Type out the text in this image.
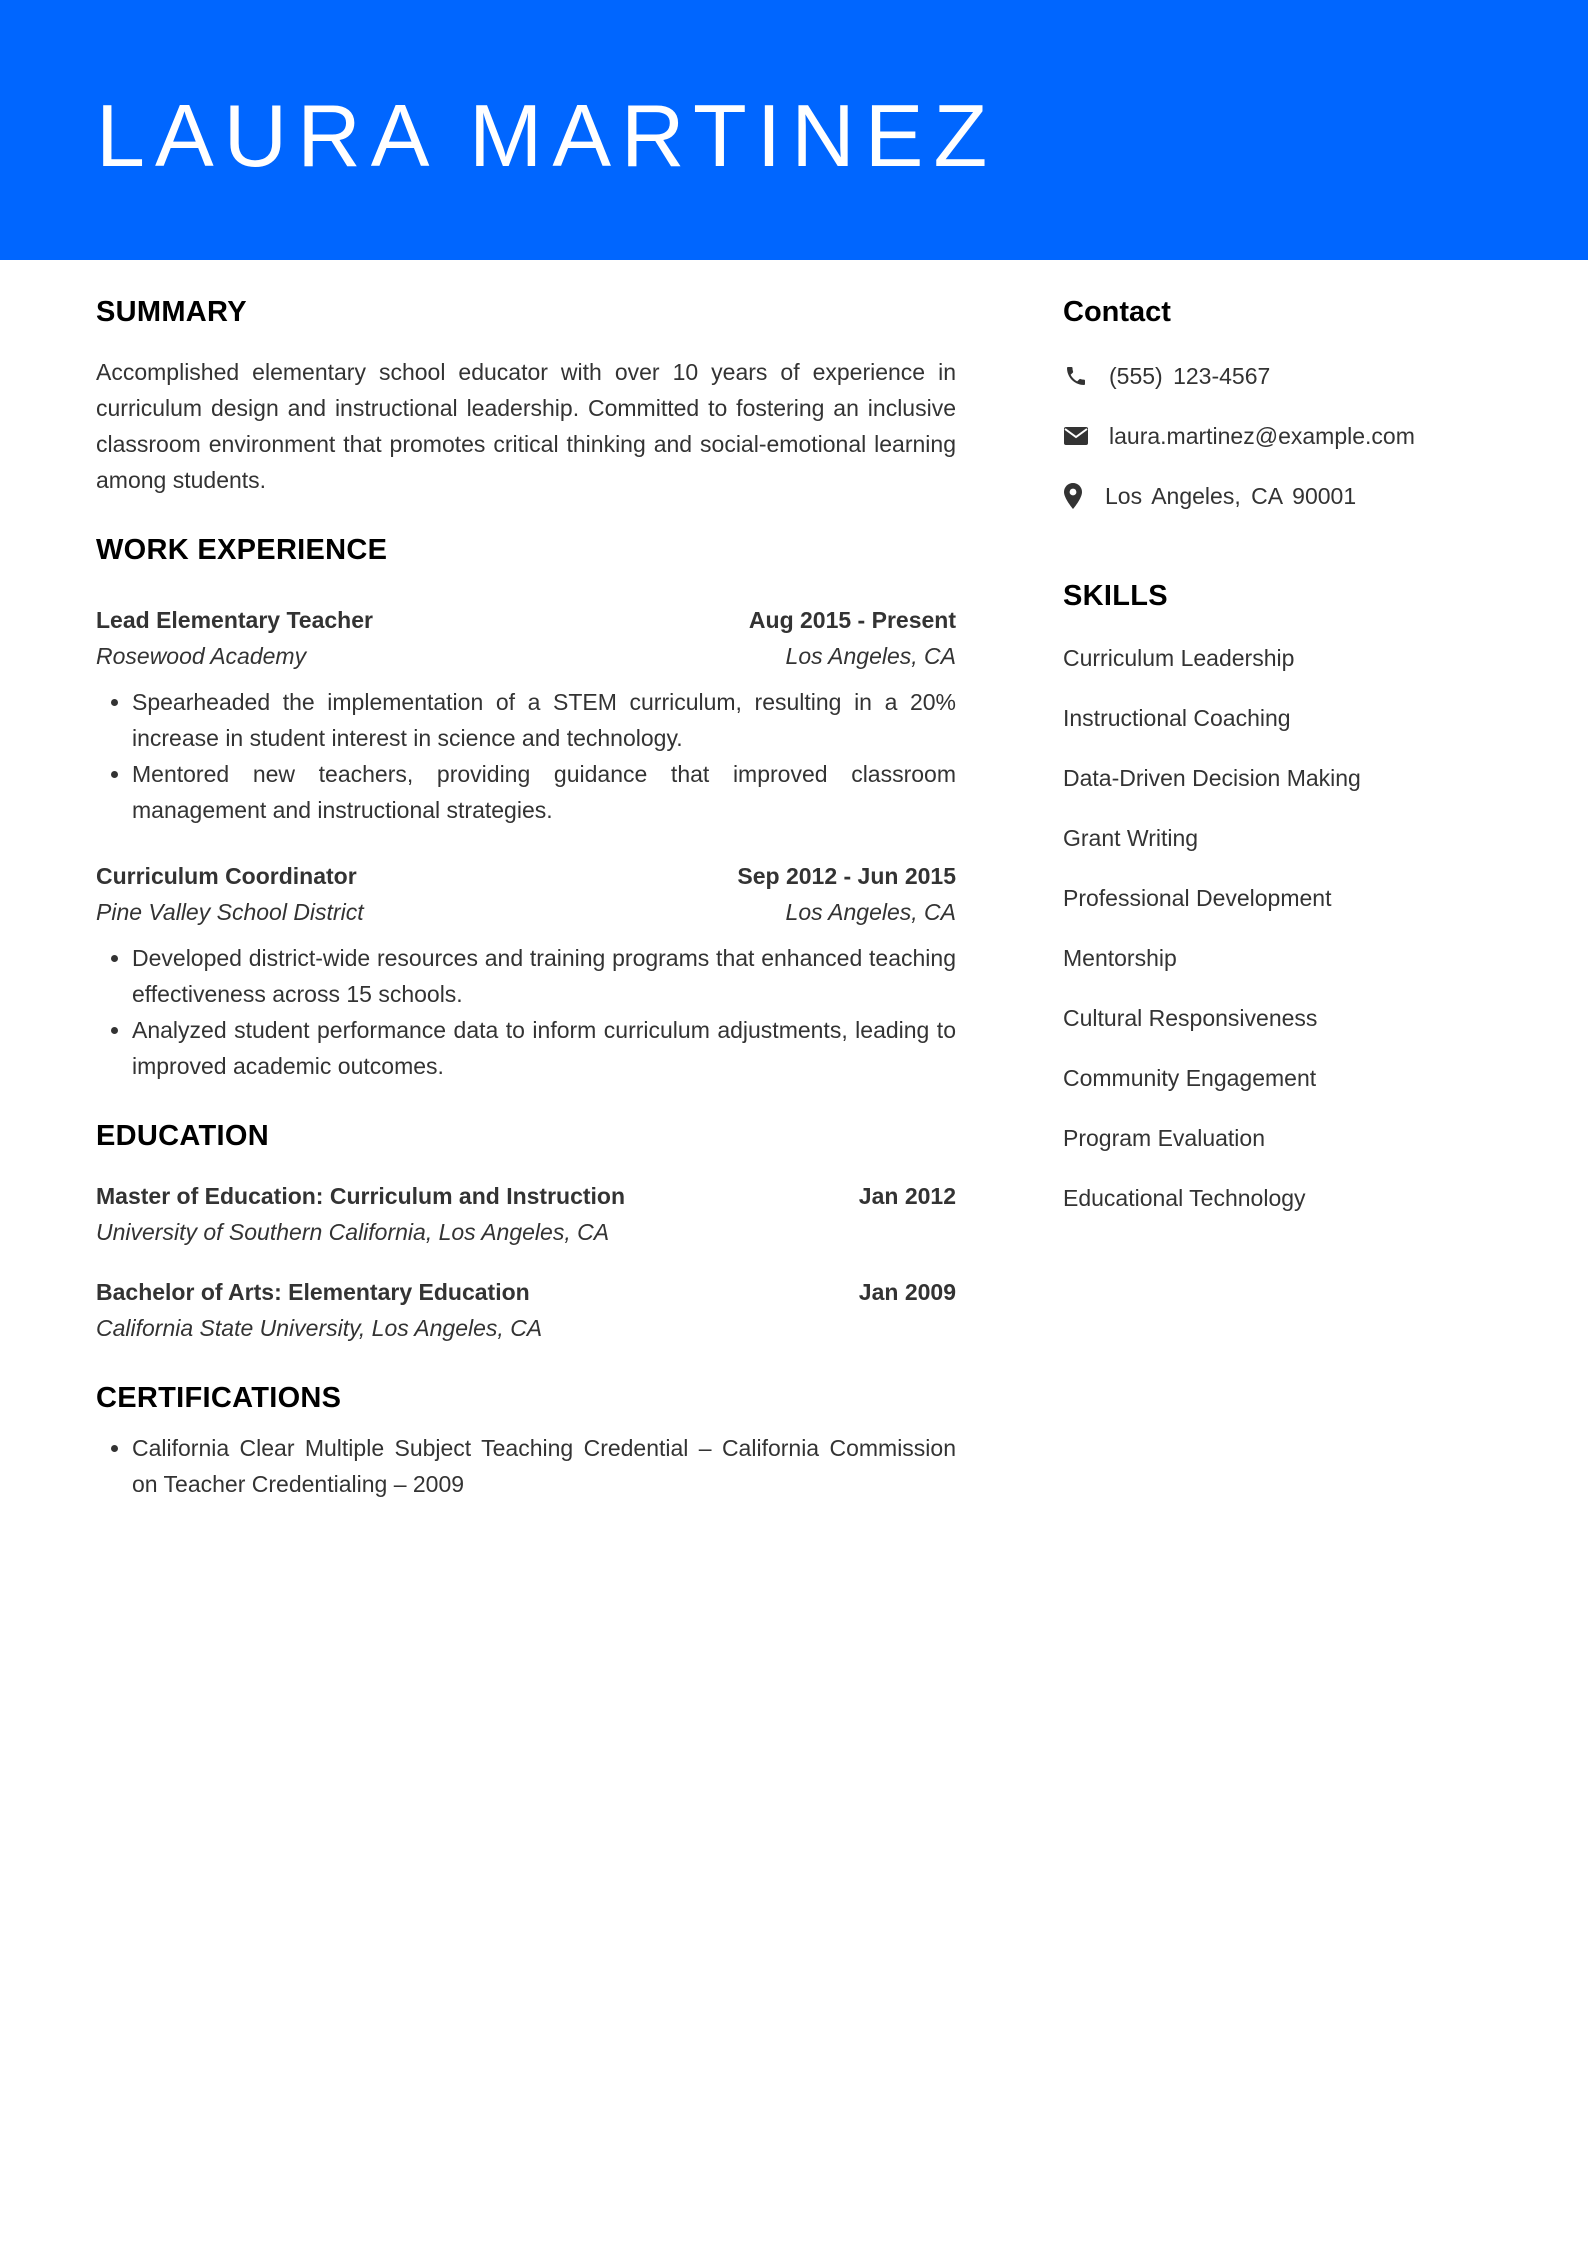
LAURA MARTINEZ
SUMMARY

Accomplished elementary school educator with over 10 years of experience in curriculum design and instructional leadership. Committed to fostering an inclusive classroom environment that promotes critical thinking and social-emotional learning among students.

WORK EXPERIENCE
Lead Elementary Teacher	Aug 2015 - Present
Rosewood Academy	Los Angeles, CA
• Spearheaded the implementation of a STEM curriculum, resulting in a 20% increase in student interest in science and technology.
• Mentored new teachers, providing guidance that improved classroom management and instructional strategies.
Curriculum Coordinator	Sep 2012 - Jun 2015
Pine Valley School District	Los Angeles, CA
• Developed district-wide resources and training programs that enhanced teaching effectiveness across 15 schools.
• Analyzed student performance data to inform curriculum adjustments, leading to improved academic outcomes.
EDUCATION
Master of Education: Curriculum and Instruction	Jan 2012
University of Southern California, Los Angeles, CA
Bachelor of Arts: Elementary Education	Jan 2009
California State University, Los Angeles, CA
CERTIFICATIONS
• California Clear Multiple Subject Teaching Credential – California Commission on Teacher Credentialing – 2009
Contact
(555) 123-4567
laura.martinez@example.com
Los Angeles, CA 90001
SKILLS
Curriculum Leadership
Instructional Coaching
Data-Driven Decision Making
Grant Writing
Professional Development
Mentorship
Cultural Responsiveness
Community Engagement
Program Evaluation
Educational Technology
